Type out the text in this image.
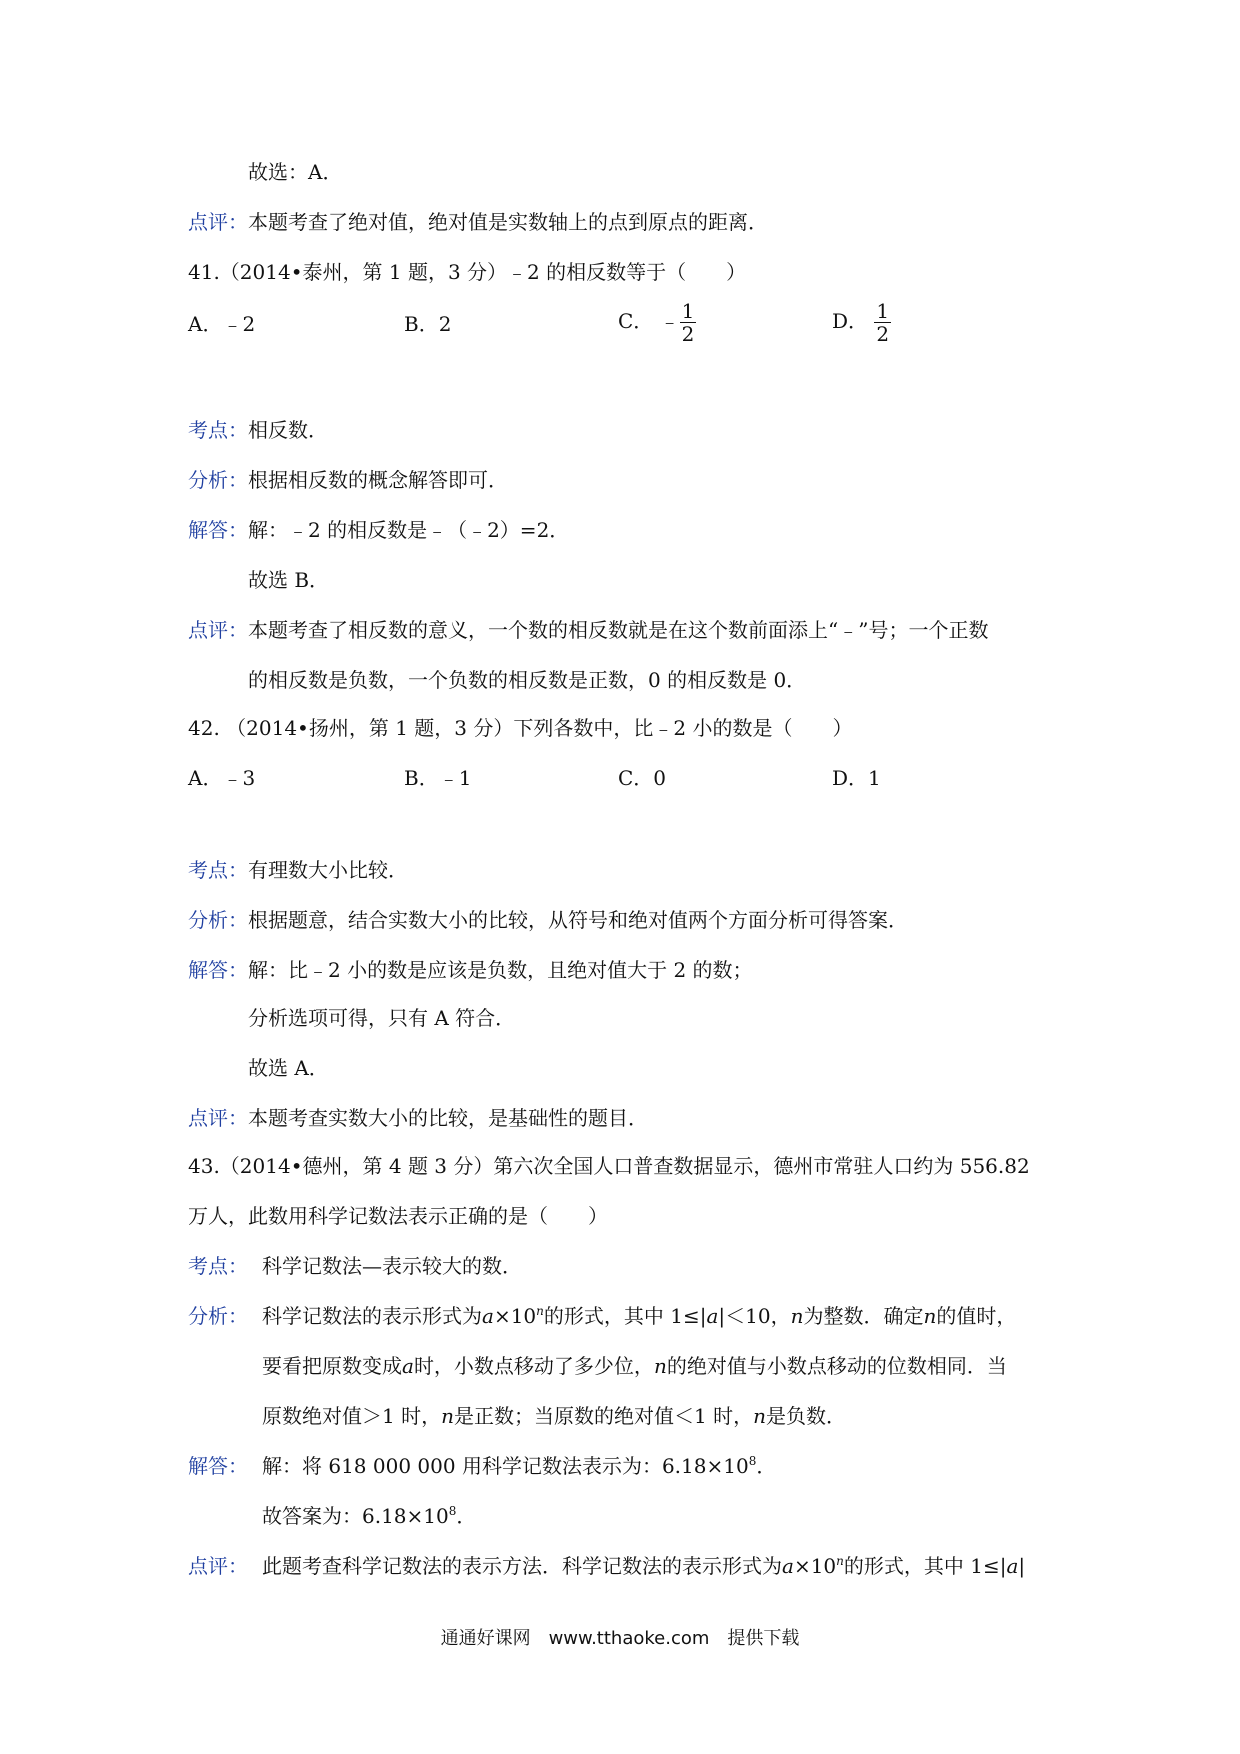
故选：A．
点评：本题考查了绝对值，绝对值是实数轴上的点到原点的距离．
41.（2014•泰州，第 1 题，3 分）﹣2 的相反数等于（　　）
A．﹣2	B．2	C． ﹣ $\frac{1}{2}$	D． $\frac{1}{2}$
考点：相反数．
分析：根据相反数的概念解答即可．
解答：解：﹣2 的相反数是﹣（﹣2）=2．
故选 B．
点评：本题考查了相反数的意义，一个数的相反数就是在这个数前面添上“﹣”号；一个正数
的相反数是负数，一个负数的相反数是正数，0 的相反数是 0．
42. （2014•扬州，第 1 题，3 分）下列各数中，比﹣2 小的数是（　　）
A．﹣3	B．﹣1	C．0	D．1
考点：有理数大小比较．
分析：根据题意，结合实数大小的比较，从符号和绝对值两个方面分析可得答案．
解答：解：比﹣2 小的数是应该是负数，且绝对值大于 2 的数；
分析选项可得，只有 A 符合．
故选 A．
点评：本题考查实数大小的比较，是基础性的题目．
43.（2014•德州，第 4 题 3 分）第六次全国人口普查数据显示，德州市常驻人口约为 556.82
万人，此数用科学记数法表示正确的是（　　）
考点： 科学记数法—表示较大的数．
分析： 科学记数法的表示形式为$a\times 10^n$的形式，其中 1≤|a|＜10，n为整数．确定n的值时，
要看把原数变成a时，小数点移动了多少位，n的绝对值与小数点移动的位数相同．当
原数绝对值＞1 时，n是正数；当原数的绝对值＜1 时，n是负数．
解答： 解：将 618 000 000 用科学记数法表示为：$6.18\times 10^8$．
故答案为：$6.18\times 10^8$．
点评： 此题考查科学记数法的表示方法．科学记数法的表示形式为$a\times 10^n$的形式，其中 1≤|a|
通通好课网　www.tthaoke.com　提供下载
